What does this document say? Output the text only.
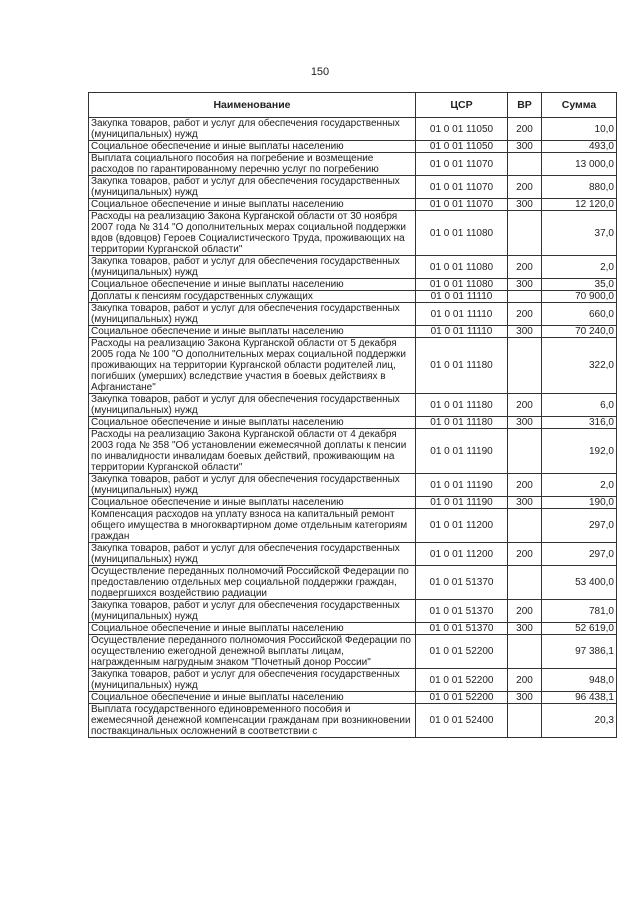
150
Наименование	ЦСР	ВР	Сумма
Закупка товаров, работ и услуг для обеспечения государственных (муниципальных) нужд	01 0 01 11050	200	10,0
Социальное обеспечение и иные выплаты населению	01 0 01 11050	300	493,0
Выплата социального пособия на погребение и возмещение расходов по гарантированному перечню услуг по погребению	01 0 01 11070		13 000,0
Закупка товаров, работ и услуг для обеспечения государственных (муниципальных) нужд	01 0 01 11070	200	880,0
Социальное обеспечение и иные выплаты населению	01 0 01 11070	300	12 120,0
Расходы на реализацию Закона Курганской области от 30 ноября 2007 года № 314 "О дополнительных мерах социальной поддержки вдов (вдовцов) Героев Социалистического Труда, проживающих на территории Курганской области"	01 0 01 11080		37,0
Закупка товаров, работ и услуг для обеспечения государственных (муниципальных) нужд	01 0 01 11080	200	2,0
Социальное обеспечение и иные выплаты населению	01 0 01 11080	300	35,0
Доплаты к пенсиям государственных служащих	01 0 01 11110		70 900,0
Закупка товаров, работ и услуг для обеспечения государственных (муниципальных) нужд	01 0 01 11110	200	660,0
Социальное обеспечение и иные выплаты населению	01 0 01 11110	300	70 240,0
Расходы на реализацию Закона Курганской области от 5 декабря 2005 года № 100 "О дополнительных мерах социальной поддержки проживающих на территории Курганской области родителей лиц, погибших (умерших) вследствие участия в боевых действиях в Афганистане"	01 0 01 11180		322,0
Закупка товаров, работ и услуг для обеспечения государственных (муниципальных) нужд	01 0 01 11180	200	6,0
Социальное обеспечение и иные выплаты населению	01 0 01 11180	300	316,0
Расходы на реализацию Закона Курганской области от 4 декабря 2003 года № 358 "Об установлении ежемесячной доплаты к пенсии по инвалидности инвалидам боевых действий, проживающим на территории Курганской области"	01 0 01 11190		192,0
Закупка товаров, работ и услуг для обеспечения государственных (муниципальных) нужд	01 0 01 11190	200	2,0
Социальное обеспечение и иные выплаты населению	01 0 01 11190	300	190,0
Компенсация расходов на уплату взноса на капитальный ремонт общего имущества в многоквартирном доме отдельным категориям граждан	01 0 01 11200		297,0
Закупка товаров, работ и услуг для обеспечения государственных (муниципальных) нужд	01 0 01 11200	200	297,0
Осуществление переданных полномочий Российской Федерации по предоставлению отдельных мер социальной поддержки граждан, подвергшихся воздействию радиации	01 0 01 51370		53 400,0
Закупка товаров, работ и услуг для обеспечения государственных (муниципальных) нужд	01 0 01 51370	200	781,0
Социальное обеспечение и иные выплаты населению	01 0 01 51370	300	52 619,0
Осуществление переданного полномочия Российской Федерации по осуществлению ежегодной денежной выплаты лицам, награжденным нагрудным знаком "Почетный донор России"	01 0 01 52200		97 386,1
Закупка товаров, работ и услуг для обеспечения государственных (муниципальных) нужд	01 0 01 52200	200	948,0
Социальное обеспечение и иные выплаты населению	01 0 01 52200	300	96 438,1
Выплата государственного единовременного пособия и ежемесячной денежной компенсации гражданам при возникновении поствакцинальных осложнений в соответствии с	01 0 01 52400		20,3
